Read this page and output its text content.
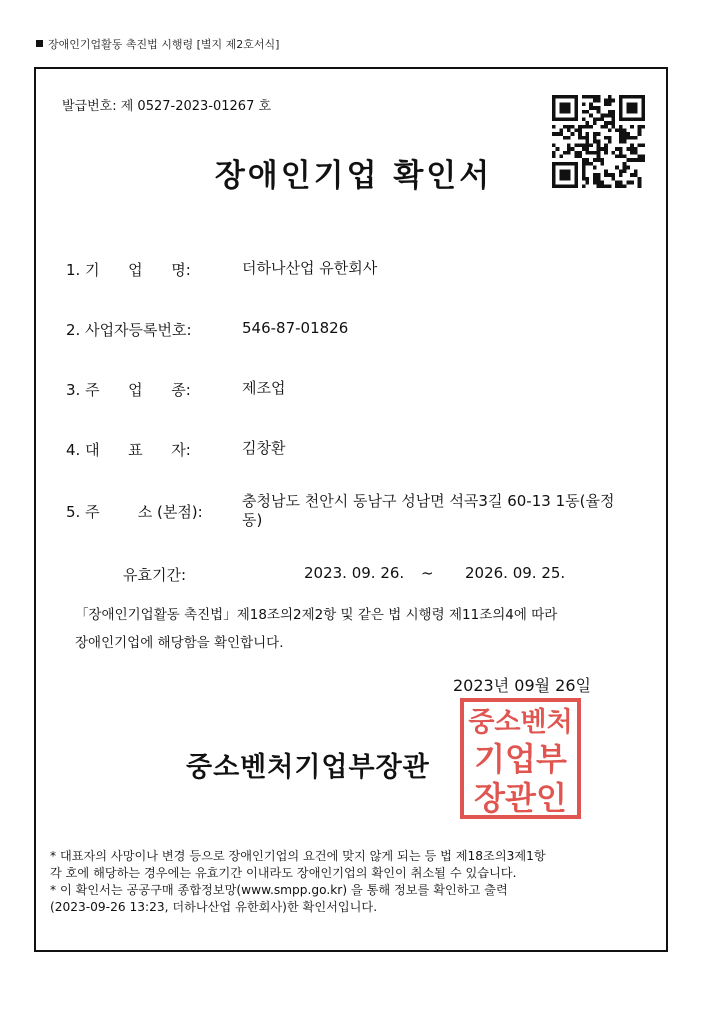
장애인기업활동 촉진법 시행령 [별지 제2호서식]
발급번호: 제 0527-2023-01267 호
장애인기업 확인서
1. 기      업      명:	더하나산업 유한회사
2. 사업자등록번호:	546-87-01826
3. 주      업      종:	제조업
4. 대      표      자:	김창환
5. 주        소 (본점):
충청남도 천안시 동남구 성남면 석곡3길 60-13 1동(율정동)
유효기간:	2023. 09. 26. ~ 2026. 09. 25.
「장애인기업활동 촉진법」제18조의2제2항 및 같은 법 시행령 제11조의4에 따라
장애인기업에 해당함을 확인합니다.
2023년 09월 26일
중소벤처기업부장관
중소벤처
기업부
장관인
* 대표자의 사망이나 변경 등으로 장애인기업의 요건에 맞지 않게 되는 등 법 제18조의3제1항
각 호에 해당하는 경우에는 유효기간 이내라도 장애인기업의 확인이 취소될 수 있습니다.
* 이 확인서는 공공구매 종합정보망(www.smpp.go.kr) 을 통해 정보를 확인하고 출력
(2023-09-26 13:23, 더하나산업 유한회사)한 확인서입니다.
